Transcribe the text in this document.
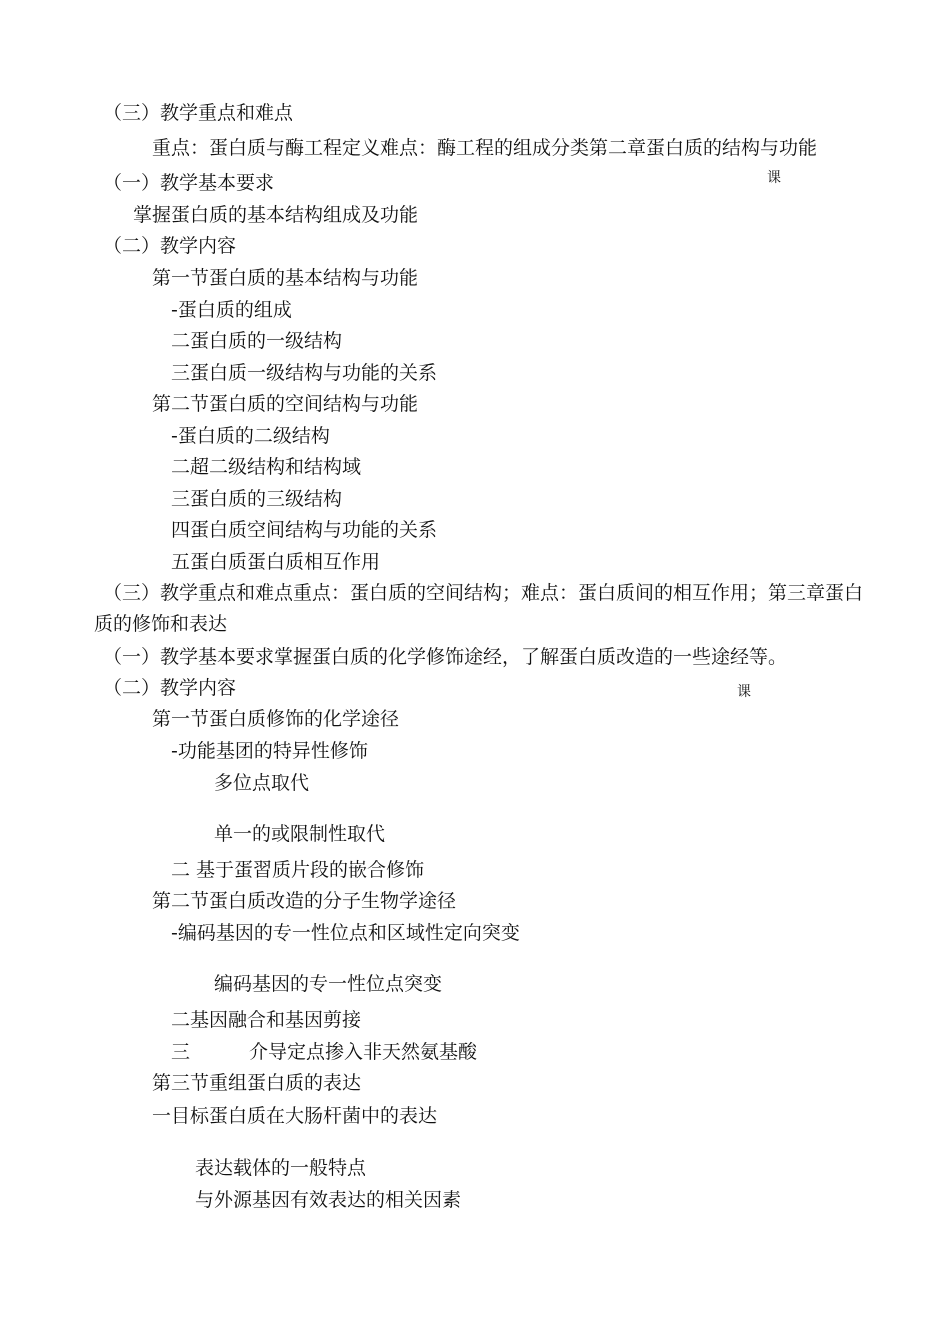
（三）教学重点和难点
重点：蛋白质与酶工程定义难点：酶工程的组成分类第二章蛋白质的结构与功能
课
（一）教学基本要求
掌握蛋白质的基本结构组成及功能
（二）教学内容
第一节蛋白质的基本结构与功能
-蛋白质的组成
二蛋白质的一级结构
三蛋白质一级结构与功能的关系
第二节蛋白质的空间结构与功能
-蛋白质的二级结构
二超二级结构和结构域
三蛋白质的三级结构
四蛋白质空间结构与功能的关系
五蛋白质蛋白质相互作用
（三）教学重点和难点重点：蛋白质的空间结构；难点：蛋白质间的相互作用；第三章蛋白
质的修饰和表达
（一）教学基本要求掌握蛋白质的化学修饰途经，了解蛋白质改造的一些途经等。
（二）教学内容	课
第一节蛋白质修饰的化学途径
-功能基团的特异性修饰
多位点取代
单一的或限制性取代
二 基于蛋習质片段的嵌合修饰
第二节蛋白质改造的分子生物学途径
-编码基因的专一性位点和区域性定向突变
编码基因的专一性位点突变
二基因融合和基因剪接
三	介导定点掺入非天然氨基酸
第三节重组蛋白质的表达
一目标蛋白质在大肠杆菌中的表达
表达载体的一般特点
与外源基因有效表达的相关因素
